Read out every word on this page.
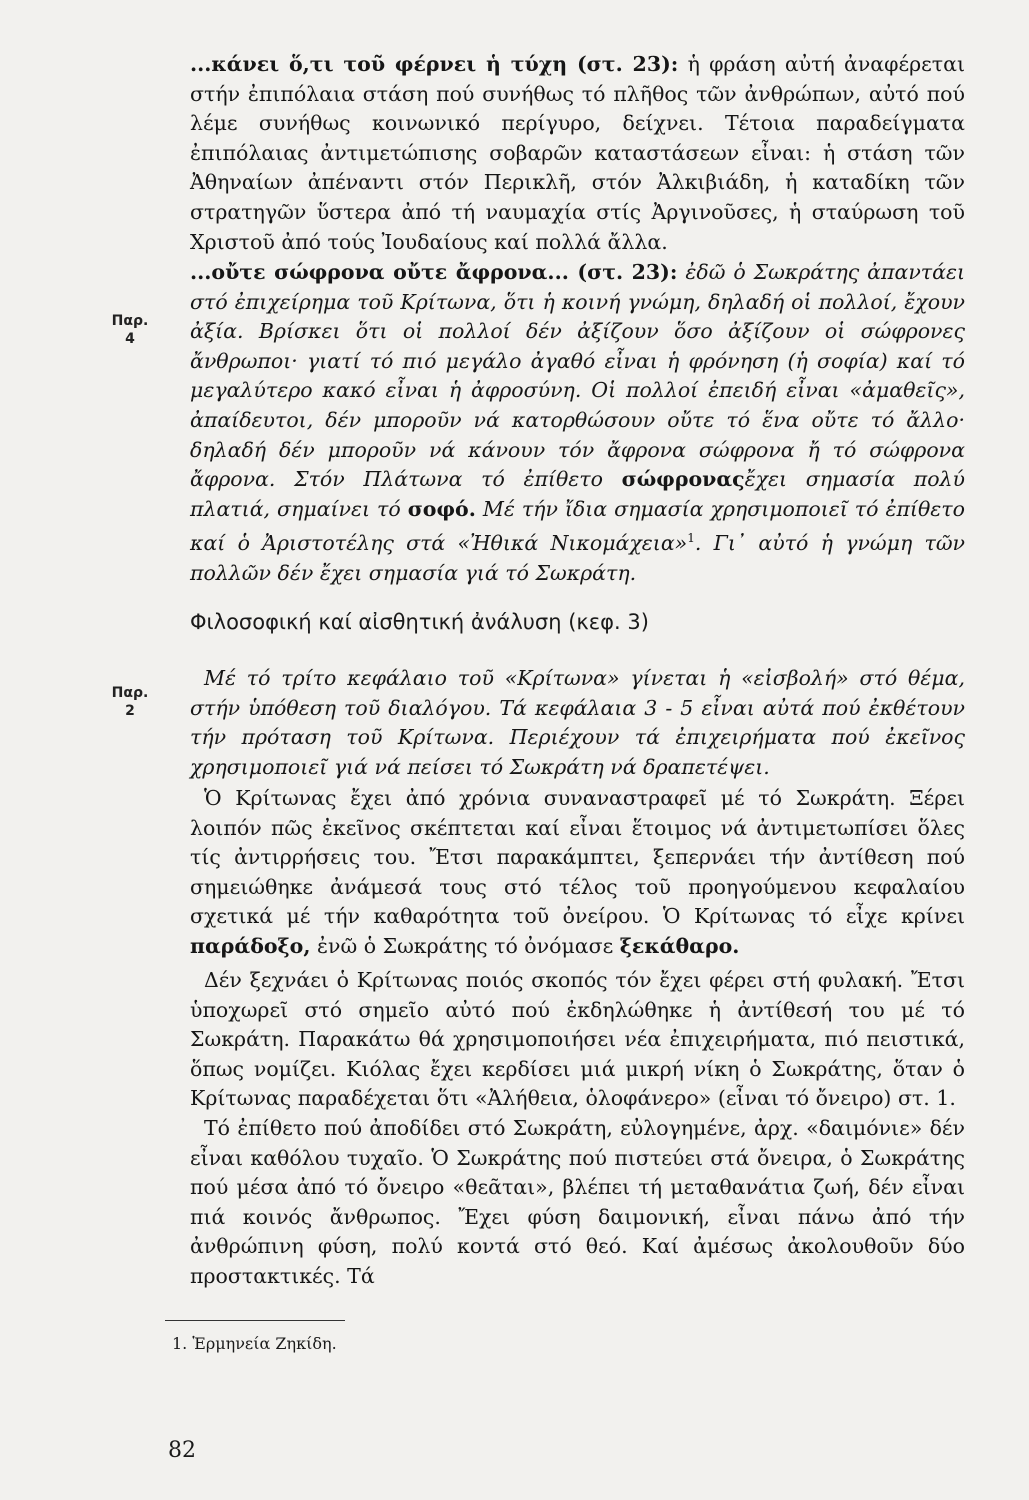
...κάνει ὅ,τι τοῦ φέρνει ἡ τύχη (στ. 23): ἡ φράση αὐτή ἀναφέρεται στήν ἐπιπόλαια στάση πού συνήθως τό πλῆθος τῶν ἀνθρώπων, αὐτό πού λέμε συνήθως κοινωνικό περίγυρο, δείχνει. Τέτοια παραδείγματα ἐπιπόλαιας ἀντιμετώπισης σοβαρῶν καταστάσεων εἶναι: ἡ στάση τῶν Ἀθηναίων ἀπέναντι στόν Περικλῆ, στόν Ἀλκιβιάδη, ἡ καταδίκη τῶν στρατηγῶν ὕστερα ἀπό τή ναυμαχία στίς Ἀργινοῦσες, ἡ σταύρωση τοῦ Χριστοῦ ἀπό τούς Ἰουδαίους καί πολλά ἄλλα.

Παρ.
4

...οὔτε σώφρονα οὔτε ἄφρονα... (στ. 23): ἐδῶ ὁ Σωκράτης ἀπαντάει στό ἐπιχείρημα τοῦ Κρίτωνα, ὅτι ἡ κοινή γνώμη, δηλαδή οἱ πολλοί, ἔχουν ἀξία. Βρίσκει ὅτι οἱ πολλοί δέν ἀξίζουν ὅσο ἀξίζουν οἱ σώφρονες ἄνθρωποι· γιατί τό πιό μεγάλο ἀγαθό εἶναι ἡ φρόνηση (ἡ σοφία) καί τό μεγαλύτερο κακό εἶναι ἡ ἀφροσύνη. Οἱ πολλοί ἐπειδή εἶναι «ἀμαθεῖς», ἀπαίδευτοι, δέν μποροῦν νά κατορθώσουν οὔτε τό ἕνα οὔτε τό ἄλλο· δηλαδή δέν μποροῦν νά κάνουν τόν ἄφρονα σώφρονα ἤ τό σώφρονα ἄφρονα. Στόν Πλάτωνα τό ἐπίθετο σώφροναςἔχει σημασία πολύ πλατιά, σημαίνει τό σοφό. Μέ τήν ἴδια σημασία χρησιμοποιεῖ τό ἐπίθετο καί ὁ Ἀριστοτέλης στά «Ἠθικά Νικομάχεια»$^1$. Γι᾽ αὐτό ἡ γνώμη τῶν πολλῶν δέν ἔχει σημασία γιά τό Σωκράτη.

Φιλοσοφική καί αἰσθητική ἀνάλυση (κεφ. 3)
Παρ.
2

Μέ τό τρίτο κεφάλαιο τοῦ «Κρίτωνα» γίνεται ἡ «εἰσβολή» στό θέμα, στήν ὑπόθεση τοῦ διαλόγου. Τά κεφάλαια 3 - 5 εἶναι αὐτά πού ἐκθέτουν τήν πρόταση τοῦ Κρίτωνα. Περιέχουν τά ἐπιχειρήματα πού ἐκεῖνος χρησιμοποιεῖ γιά νά πείσει τό Σωκράτη νά δραπετέψει.

Ὁ Κρίτωνας ἔχει ἀπό χρόνια συναναστραφεῖ μέ τό Σωκράτη. Ξέρει λοιπόν πῶς ἐκεῖνος σκέπτεται καί εἶναι ἕτοιμος νά ἀντιμετωπίσει ὅλες τίς ἀντιρρήσεις του. Ἔτσι παρακάμπτει, ξεπερνάει τήν ἀντίθεση πού σημειώθηκε ἀνάμεσά τους στό τέλος τοῦ προηγούμενου κεφαλαίου σχετικά μέ τήν καθαρότητα τοῦ ὀνείρου. Ὁ Κρίτωνας τό εἶχε κρίνει παράδοξο, ἐνῶ ὁ Σωκράτης τό ὀνόμασε ξεκάθαρο.

Δέν ξεχνάει ὁ Κρίτωνας ποιός σκοπός τόν ἔχει φέρει στή φυλακή. Ἔτσι ὑποχωρεῖ στό σημεῖο αὐτό πού ἐκδηλώθηκε ἡ ἀντίθεσή του μέ τό Σωκράτη. Παρακάτω θά χρησιμοποιήσει νέα ἐπιχειρήματα, πιό πειστικά, ὅπως νομίζει. Κιόλας ἔχει κερδίσει μιά μικρή νίκη ὁ Σωκράτης, ὅταν ὁ Κρίτωνας παραδέχεται ὅτι «Ἀλήθεια, ὁλοφάνερο» (εἶναι τό ὄνειρο) στ. 1.

Τό ἐπίθετο πού ἀποδίδει στό Σωκράτη, εὐλογημένε, ἀρχ. «δαιμόνιε» δέν εἶναι καθόλου τυχαῖο. Ὁ Σωκράτης πού πιστεύει στά ὄνειρα, ὁ Σωκράτης πού μέσα ἀπό τό ὄνειρο «θεᾶται», βλέπει τή μεταθανάτια ζωή, δέν εἶναι πιά κοινός ἄνθρωπος. Ἔχει φύση δαιμονική, εἶναι πάνω ἀπό τήν ἀνθρώπινη φύση, πολύ κοντά στό θεό. Καί ἀμέσως ἀκολουθοῦν δύο προστακτικές. Τά

1. Ἑρμηνεία Ζηκίδη.
82
